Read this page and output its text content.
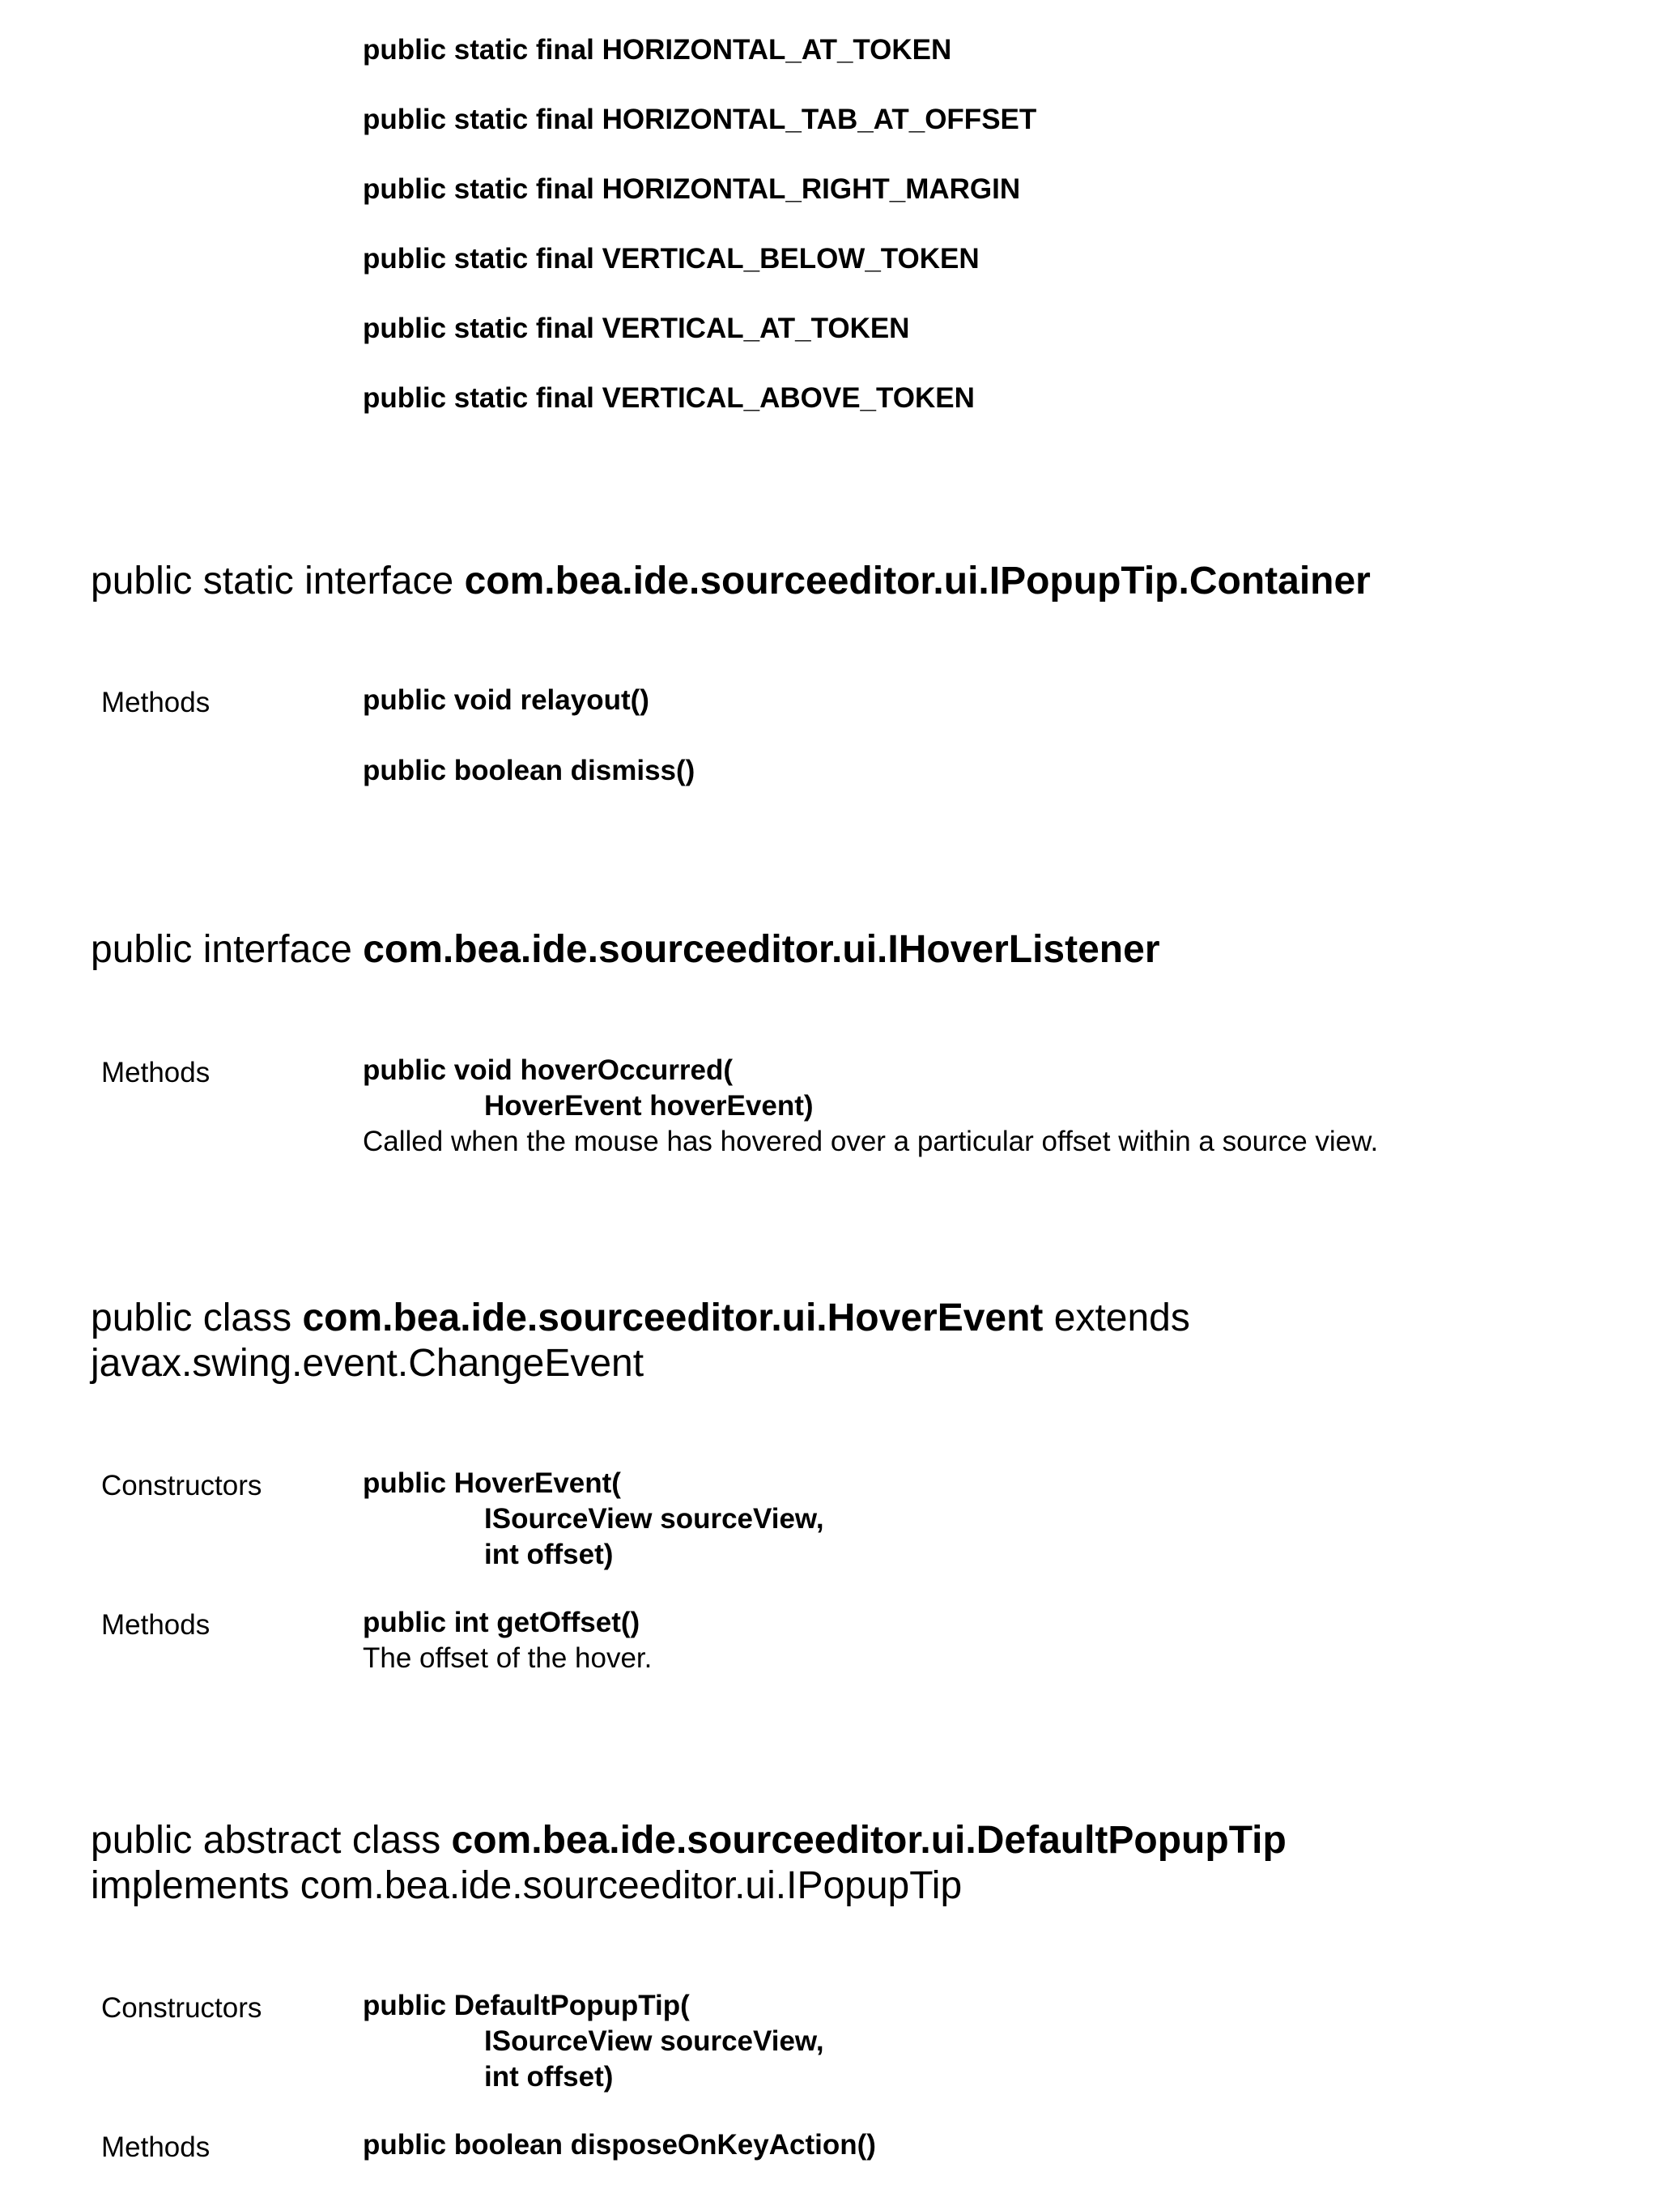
public static final HORIZONTAL_AT_TOKEN
public static final HORIZONTAL_TAB_AT_OFFSET
public static final HORIZONTAL_RIGHT_MARGIN
public static final VERTICAL_BELOW_TOKEN
public static final VERTICAL_AT_TOKEN
public static final VERTICAL_ABOVE_TOKEN
public static interface com.bea.ide.sourceeditor.ui.IPopupTip.Container
Methods	public void relayout()
public boolean dismiss()
public interface com.bea.ide.sourceeditor.ui.IHoverListener
Methods	public void hoverOccurred(
HoverEvent hoverEvent)
Called when the mouse has hovered over a particular offset within a source view.
public class com.bea.ide.sourceeditor.ui.HoverEvent extends
javax.swing.event.ChangeEvent
Constructors	public HoverEvent(
ISourceView sourceView,
int offset)
Methods	public int getOffset()
The offset of the hover.
public abstract class com.bea.ide.sourceeditor.ui.DefaultPopupTip
implements com.bea.ide.sourceeditor.ui.IPopupTip
Constructors	public DefaultPopupTip(
ISourceView sourceView,
int offset)
Methods	public boolean disposeOnKeyAction()
